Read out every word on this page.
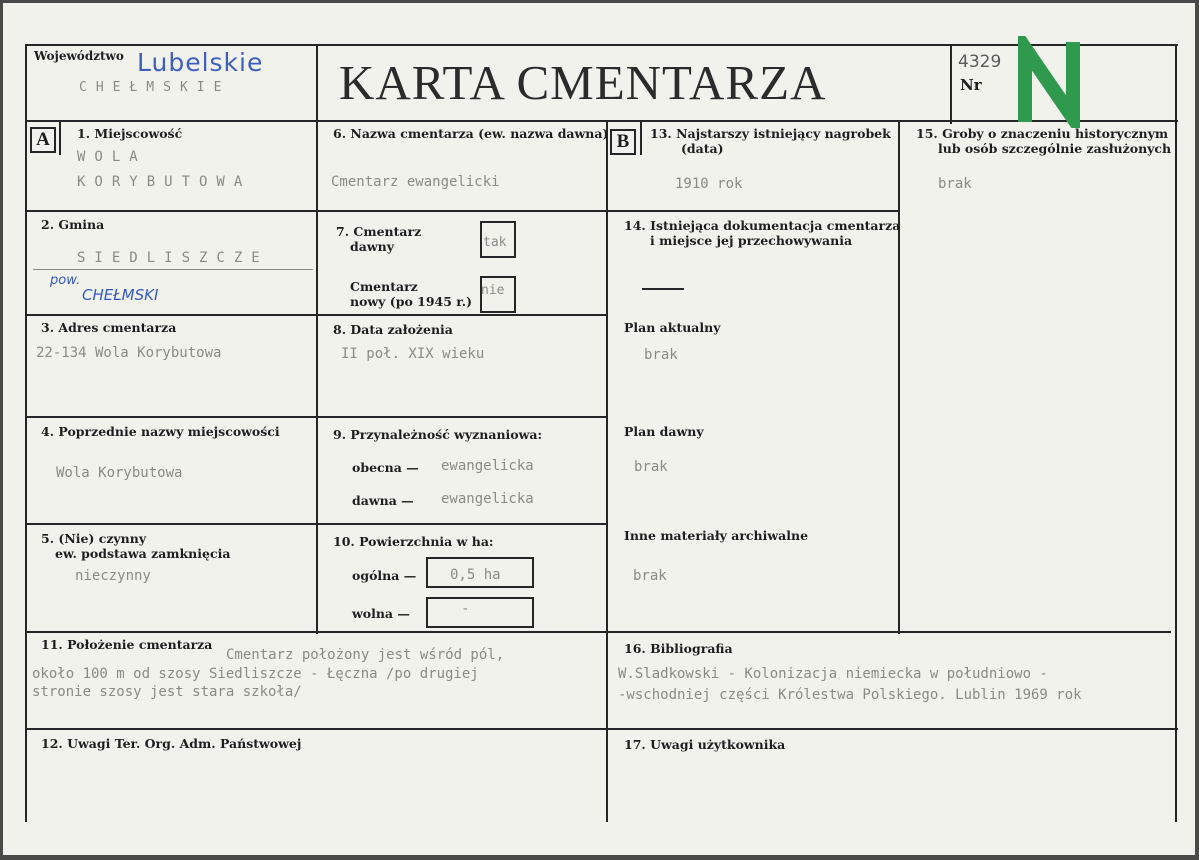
Województwo Lubelskie
CHEŁMSKIE KARTA CMENTARZA	4329
Nr
A	1. Miejscowość
WOLA
KORYBUTOWA
2. Gmina
SIEDLISZCZE
pow.
CHEŁMSKI
3. Adres cmentarza
22-134 Wola Korybutowa
4. Poprzednie nazwy miejscowości
Wola Korybutowa
5. (Nie) czynny
ew. podstawa zamknięcia
nieczynny
6. Nazwa cmentarza (ew. nazwa dawna)
Cmentarz ewangelicki
7. Cmentarz
dawny	tak
Cmentarz
nowy (po 1945 r.)
nie
8. Data założenia
II poł. XIX wieku
9. Przynależność wyznaniowa:
obecna — ewangelicka
dawna — ewangelicka
10. Powierzchnia w ha:
ogólna — 0,5 ha
wolna —	-
B	13. Najstarszy istniejący nagrobek
(data)
1910 rok
14. Istniejąca dokumentacja cmentarza
i miejsce jej przechowywania
Plan aktualny
brak
Plan dawny
brak
Inne materiały archiwalne
brak
15. Groby o znaczeniu historycznym
lub osób szczególnie zasłużonych
brak
11. Położenie cmentarza
Cmentarz położony jest wśród pól,
około 100 m od szosy Siedliszcze - Łęczna /po drugiej
stronie szosy jest stara szkoła/
16. Bibliografia
W.Sladkowski - Kolonizacja niemiecka w południowo -
-wschodniej części Królestwa Polskiego. Lublin 1969 rok
12. Uwagi Ter. Org. Adm. Państwowej	17. Uwagi użytkownika
